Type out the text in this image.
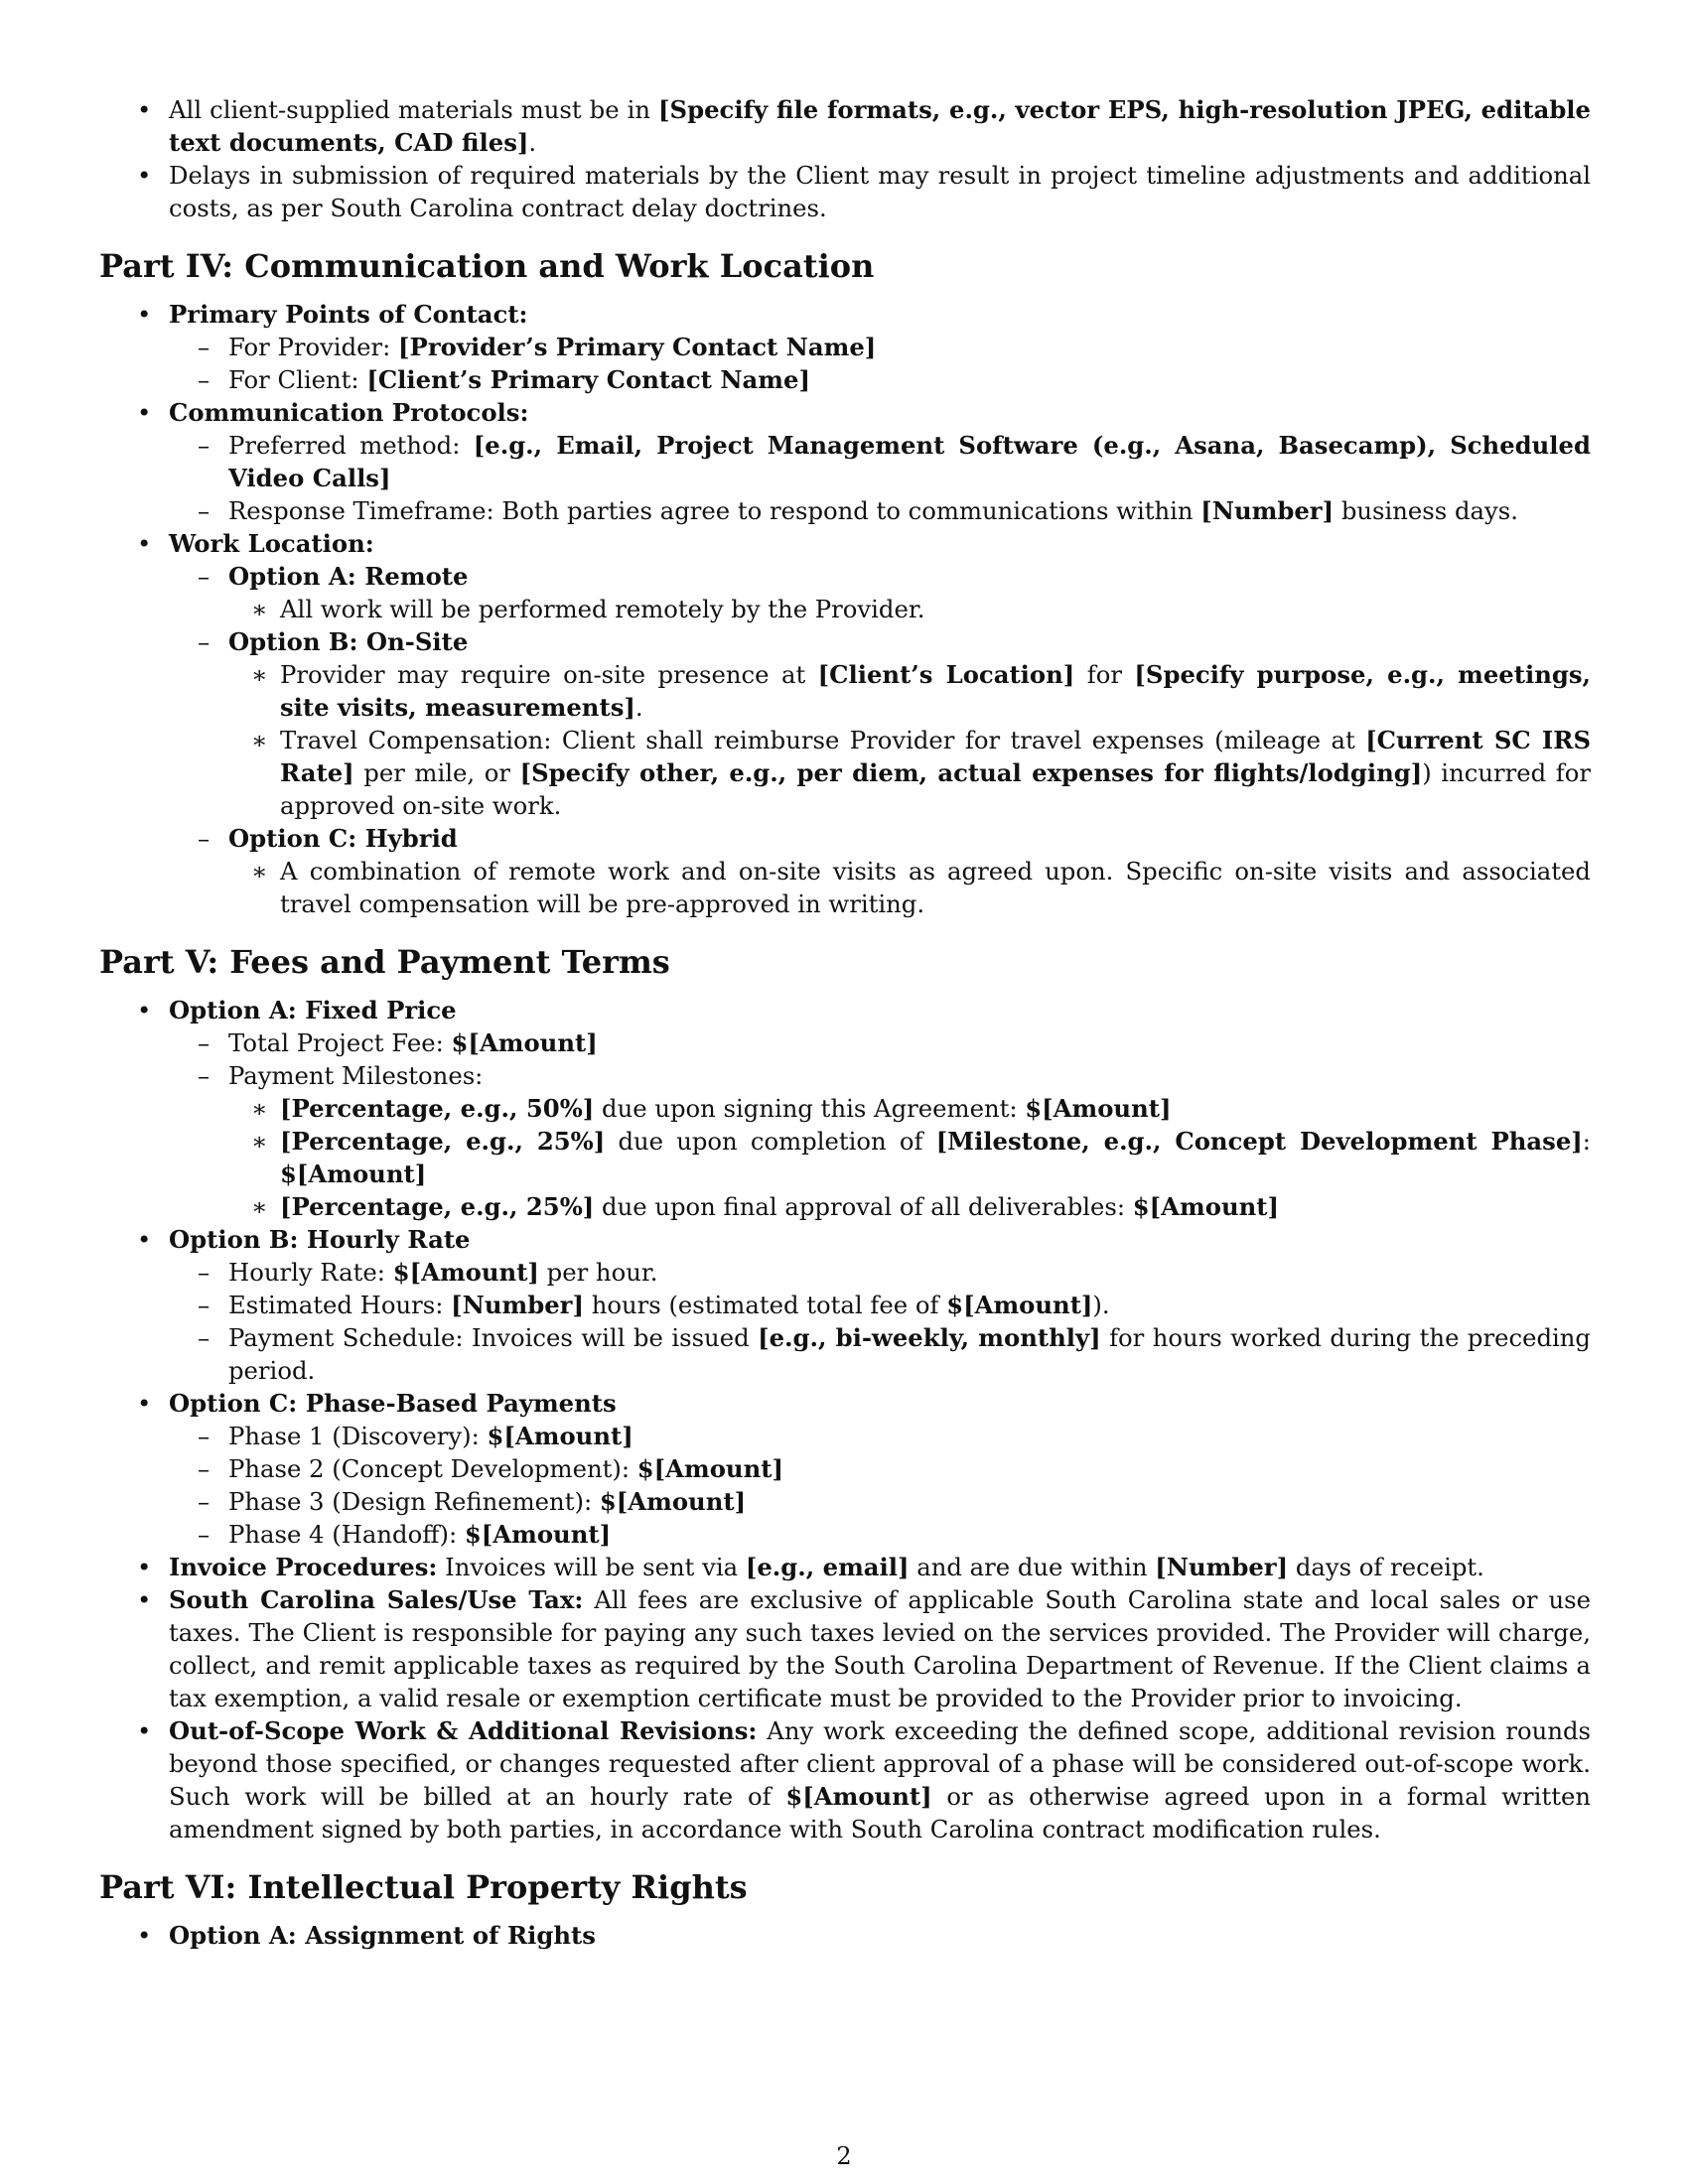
• All client-supplied materials must be in [Specify file formats, e.g., vector EPS, high-resolution JPEG, editable text documents, CAD files].
• Delays in submission of required materials by the Client may result in project timeline adjustments and additional costs, as per South Carolina contract delay doctrines.
Part IV: Communication and Work Location
• Primary Points of Contact:
– For Provider: [Provider’s Primary Contact Name]
– For Client: [Client’s Primary Contact Name]
• Communication Protocols:
– Preferred method: [e.g., Email, Project Management Software (e.g., Asana, Basecamp), Scheduled Video Calls]
– Response Timeframe: Both parties agree to respond to communications within [Number] business days.
• Work Location:
– Option A: Remote
∗ All work will be performed remotely by the Provider.
– Option B: On-Site
∗ Provider may require on-site presence at [Client’s Location] for [Specify purpose, e.g., meetings, site visits, measurements].
∗ Travel Compensation: Client shall reimburse Provider for travel expenses (mileage at [Current SC IRS Rate] per mile, or [Specify other, e.g., per diem, actual expenses for flights/lodging]) incurred for approved on-site work.
– Option C: Hybrid
∗ A combination of remote work and on-site visits as agreed upon. Specific on-site visits and associated travel compensation will be pre-approved in writing.
Part V: Fees and Payment Terms
• Option A: Fixed Price
– Total Project Fee: $[Amount]
– Payment Milestones:
∗ [Percentage, e.g., 50%] due upon signing this Agreement: $[Amount]
∗ [Percentage, e.g., 25%] due upon completion of [Milestone, e.g., Concept Development Phase]: $[Amount]
∗ [Percentage, e.g., 25%] due upon final approval of all deliverables: $[Amount]
• Option B: Hourly Rate
– Hourly Rate: $[Amount] per hour.
– Estimated Hours: [Number] hours (estimated total fee of $[Amount]).
– Payment Schedule: Invoices will be issued [e.g., bi-weekly, monthly] for hours worked during the preceding period.
• Option C: Phase-Based Payments
– Phase 1 (Discovery): $[Amount]
– Phase 2 (Concept Development): $[Amount]
– Phase 3 (Design Refinement): $[Amount]
– Phase 4 (Handoff): $[Amount]
• Invoice Procedures: Invoices will be sent via [e.g., email] and are due within [Number] days of receipt.
• South Carolina Sales/Use Tax: All fees are exclusive of applicable South Carolina state and local sales or use taxes. The Client is responsible for paying any such taxes levied on the services provided. The Provider will charge, collect, and remit applicable taxes as required by the South Carolina Department of Revenue. If the Client claims a tax exemption, a valid resale or exemption certificate must be provided to the Provider prior to invoicing.
• Out-of-Scope Work & Additional Revisions: Any work exceeding the defined scope, additional revision rounds beyond those specified, or changes requested after client approval of a phase will be considered out-of-scope work. Such work will be billed at an hourly rate of $[Amount] or as otherwise agreed upon in a formal written amendment signed by both parties, in accordance with South Carolina contract modification rules.
Part VI: Intellectual Property Rights
• Option A: Assignment of Rights
2
